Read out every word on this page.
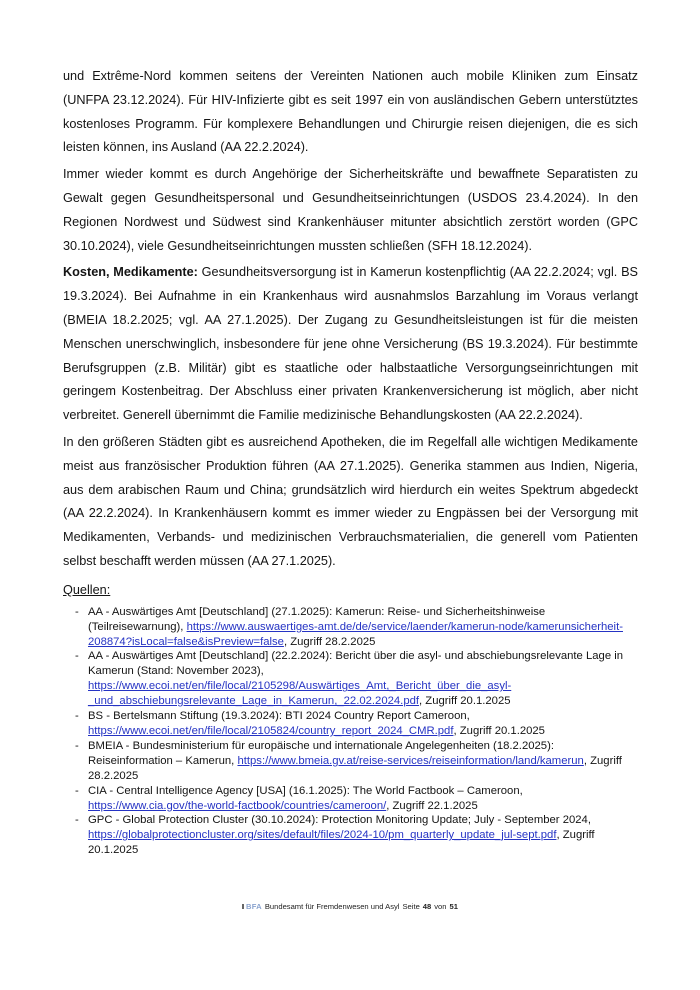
und Extrême-Nord kommen seitens der Vereinten Nationen auch mobile Kliniken zum Einsatz (UNFPA 23.12.2024). Für HIV-Infizierte gibt es seit 1997 ein von ausländischen Gebern unterstütztes kostenloses Programm. Für komplexere Behandlungen und Chirurgie reisen diejenigen, die es sich leisten können, ins Ausland (AA 22.2.2024).

Immer wieder kommt es durch Angehörige der Sicherheitskräfte und bewaffnete Separatisten zu Gewalt gegen Gesundheitspersonal und Gesundheitseinrichtungen (USDOS 23.4.2024). In den Regionen Nordwest und Südwest sind Krankenhäuser mitunter absichtlich zerstört worden (GPC 30.10.2024), viele Gesundheitseinrichtungen mussten schließen (SFH 18.12.2024).

Kosten, Medikamente: Gesundheitsversorgung ist in Kamerun kostenpflichtig (AA 22.2.2024; vgl. BS 19.3.2024). Bei Aufnahme in ein Krankenhaus wird ausnahmslos Barzahlung im Voraus verlangt (BMEIA 18.2.2025; vgl. AA 27.1.2025). Der Zugang zu Gesundheitsleistungen ist für die meisten Menschen unerschwinglich, insbesondere für jene ohne Versicherung (BS 19.3.2024). Für bestimmte Berufsgruppen (z.B. Militär) gibt es staatliche oder halbstaatliche Versorgungseinrichtungen mit geringem Kostenbeitrag. Der Abschluss einer privaten Krankenversicherung ist möglich, aber nicht verbreitet. Generell übernimmt die Familie medizinische Behandlungskosten (AA 22.2.2024).

In den größeren Städten gibt es ausreichend Apotheken, die im Regelfall alle wichtigen Medikamente meist aus französischer Produktion führen (AA 27.1.2025). Generika stammen aus Indien, Nigeria, aus dem arabischen Raum und China; grundsätzlich wird hierdurch ein weites Spektrum abgedeckt (AA 22.2.2024). In Krankenhäusern kommt es immer wieder zu Engpässen bei der Versorgung mit Medikamenten, Verbands- und medizinischen Verbrauchsmaterialien, die generell vom Patienten selbst beschafft werden müssen (AA 27.1.2025).

Quellen:
- AA - Auswärtiges Amt [Deutschland] (27.1.2025): Kamerun: Reise- und Sicherheitshinweise (Teilreisewarnung), https://www.auswaertiges-amt.de/de/service/laender/kamerun-node/kamerunsicherheit-208874?isLocal=false&isPreview=false, Zugriff 28.2.2025
- AA - Auswärtiges Amt [Deutschland] (22.2.2024): Bericht über die asyl- und abschiebungsrelevante Lage in Kamerun (Stand: November 2023), https://www.ecoi.net/en/file/local/2105298/Auswärtiges_Amt,_Bericht_über_die_asyl-_und_abschiebungsrelevante_Lage_in_Kamerun,_22.02.2024.pdf, Zugriff 20.1.2025
- BS - Bertelsmann Stiftung (19.3.2024): BTI 2024 Country Report Cameroon, https://www.ecoi.net/en/file/local/2105824/country_report_2024_CMR.pdf, Zugriff 20.1.2025
- BMEIA - Bundesministerium für europäische und internationale Angelegenheiten (18.2.2025): Reiseinformation – Kamerun, https://www.bmeia.gv.at/reise-services/reiseinformation/land/kamerun, Zugriff 28.2.2025
- CIA - Central Intelligence Agency [USA] (16.1.2025): The World Factbook – Cameroon, https://www.cia.gov/the-world-factbook/countries/cameroon/, Zugriff 22.1.2025
- GPC - Global Protection Cluster (30.10.2024): Protection Monitoring Update; July - September 2024, https://globalprotectioncluster.org/sites/default/files/2024-10/pm_quarterly_update_jul-sept.pdf, Zugriff 20.1.2025
BFA Bundesamt für Fremdenwesen und Asyl Seite 48 von 51
